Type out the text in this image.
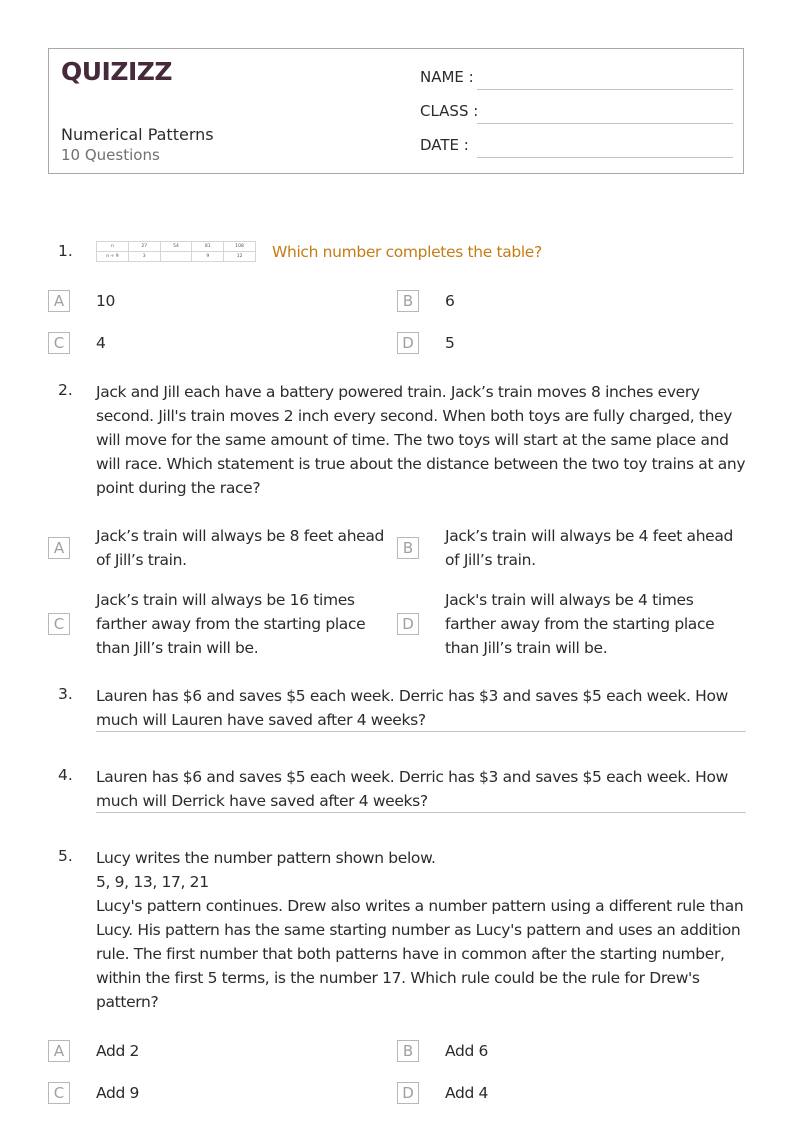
QUIZIZZ
Numerical Patterns
10 Questions
NAME :
CLASS :
DATE :
1.	n	27	54	81	108
n ÷ 9	3		9	12 Which number completes the table?
A	10	B	6
C	4	D	5
2. Jack and Jill each have a battery powered train. Jack’s train moves 8 inches every second. Jill's train moves 2 inch every second. When both toys are fully charged, they will move for the same amount of time. The two toys will start at the same place and will race. Which statement is true about the distance between the two toy trains at any point during the race?
A
Jack’s train will always be 8 feet ahead of Jill’s train.
B
Jack’s train will always be 4 feet ahead of Jill’s train.
C
Jack’s train will always be 16 times farther away from the starting place than Jill’s train will be.
D
Jack's train will always be 4 times farther away from the starting place than Jill’s train will be.
3. Lauren has $6 and saves $5 each week. Derric has $3 and saves $5 each week. How much will Lauren have saved after 4 weeks?
4. Lauren has $6 and saves $5 each week. Derric has $3 and saves $5 each week. How much will Derrick have saved after 4 weeks?
5. Lucy writes the number pattern shown below.
5, 9, 13, 17, 21
Lucy's pattern continues. Drew also writes a number pattern using a different rule than Lucy. His pattern has the same starting number as Lucy's pattern and uses an addition rule. The first number that both patterns have in common after the starting number, within the first 5 terms, is the number 17. Which rule could be the rule for Drew's pattern?
A	Add 2	B	Add 6
C	Add 9	D	Add 4
